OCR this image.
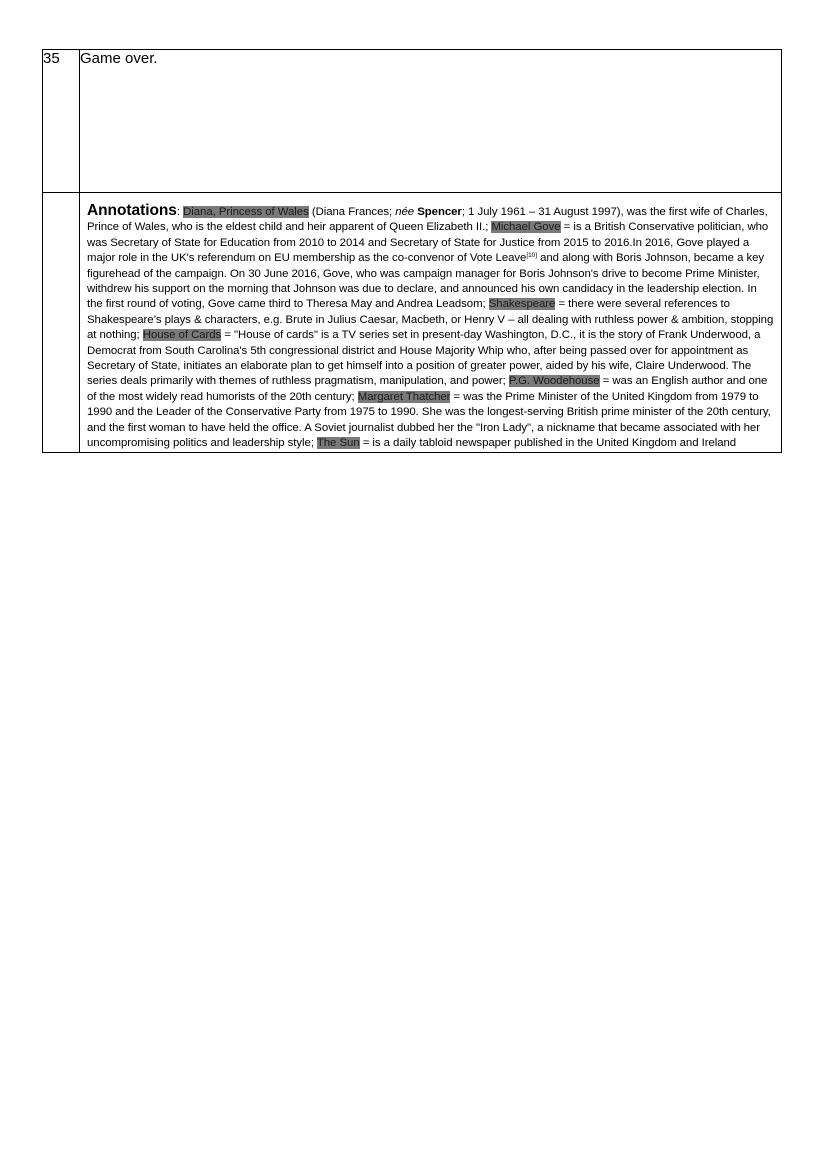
35	Game over.

	Annotations: Diana, Princess of Wales (Diana Frances; née Spencer; 1 July 1961 – 31 August 1997), was the first wife of Charles, Prince of Wales, who is the eldest child and heir apparent of Queen Elizabeth II.; Michael Gove = is a British Conservative politician, who was Secretary of State for Education from 2010 to 2014 and Secretary of State for Justice from 2015 to 2016.In 2016, Gove played a major role in the UK's referendum on EU membership as the co-convenor of Vote Leave[10] and along with Boris Johnson, became a key figurehead of the campaign. On 30 June 2016, Gove, who was campaign manager for Boris Johnson's drive to become Prime Minister, withdrew his support on the morning that Johnson was due to declare, and announced his own candidacy in the leadership election. In the first round of voting, Gove came third to Theresa May and Andrea Leadsom; Shakespeare = there were several references to Shakespeare’s plays & characters, e.g. Brute in Julius Caesar, Macbeth, or Henry V – all dealing with ruthless power & ambition, stopping at nothing; House of Cards = "House of cards" is a TV series set in present-day Washington, D.C., it is the story of Frank Underwood, a Democrat from South Carolina's 5th congressional district and House Majority Whip who, after being passed over for appointment as Secretary of State, initiates an elaborate plan to get himself into a position of greater power, aided by his wife, Claire Underwood. The series deals primarily with themes of ruthless pragmatism, manipulation, and power; P.G. Woodehouse = was an English author and one of the most widely read humorists of the 20th century; Margaret Thatcher = was the Prime Minister of the United Kingdom from 1979 to 1990 and the Leader of the Conservative Party from 1975 to 1990. She was the longest-serving British prime minister of the 20th century, and the first woman to have held the office. A Soviet journalist dubbed her the "Iron Lady", a nickname that became associated with her uncompromising politics and leadership style; The Sun = is a daily tabloid newspaper published in the United Kingdom and Ireland
